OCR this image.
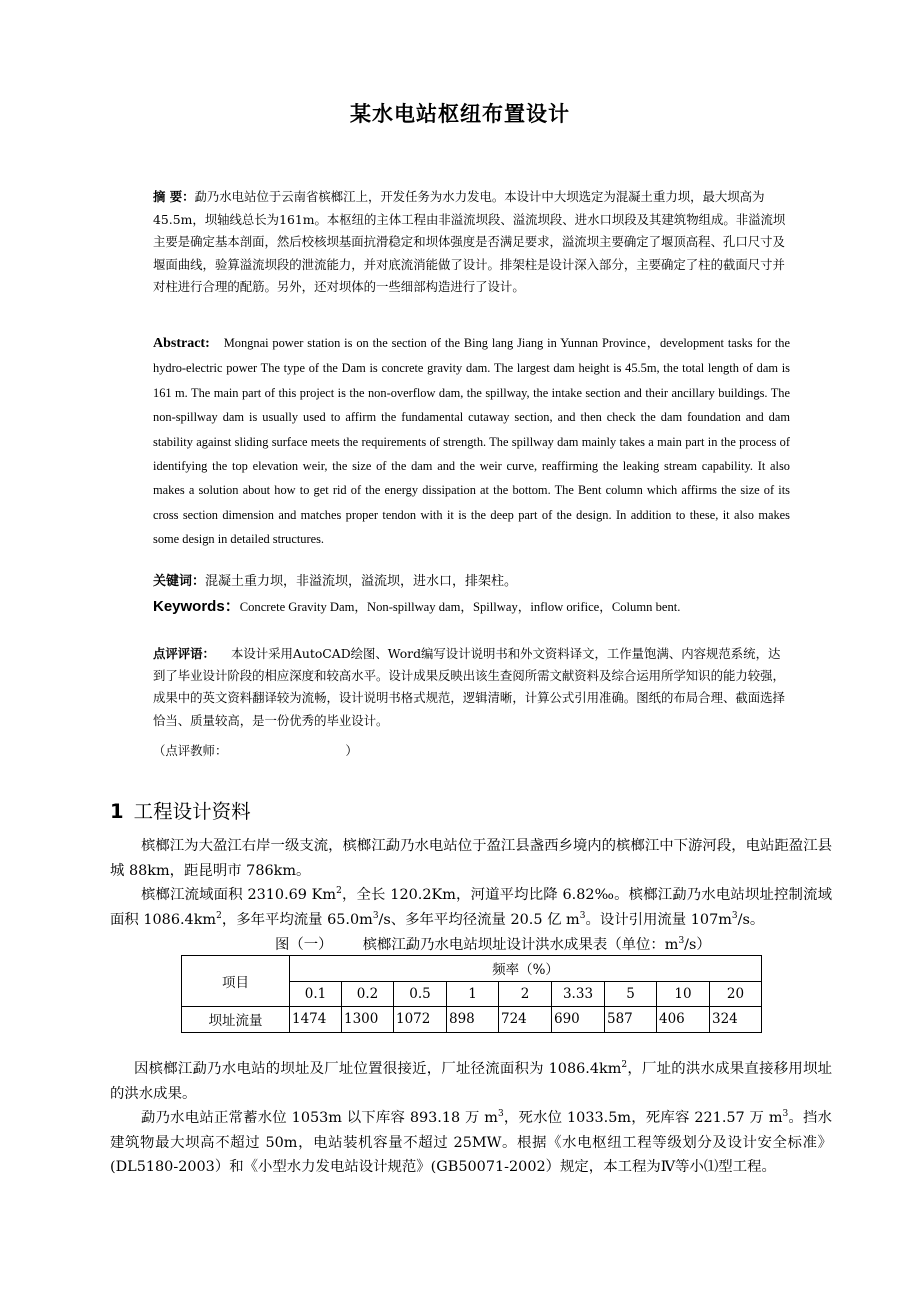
某水电站枢纽布置设计
摘 要：勐乃水电站位于云南省槟榔江上，开发任务为水力发电。本设计中大坝选定为混凝土重力坝，最大坝高为45.5m，坝轴线总长为161m。本枢纽的主体工程由非溢流坝段、溢流坝段、进水口坝段及其建筑物组成。非溢流坝主要是确定基本剖面，然后校核坝基面抗滑稳定和坝体强度是否满足要求，溢流坝主要确定了堰顶高程、孔口尺寸及堰面曲线，验算溢流坝段的泄流能力，并对底流消能做了设计。排架柱是设计深入部分，主要确定了柱的截面尺寸并对柱进行合理的配筋。另外，还对坝体的一些细部构造进行了设计。
Abstract: Mongnai power station is on the section of the Bing lang Jiang in Yunnan Province，development tasks for the hydro-electric power The type of the Dam is concrete gravity dam. The largest dam height is 45.5m, the total length of dam is 161 m. The main part of this project is the non-overflow dam, the spillway, the intake section and their ancillary buildings. The non-spillway dam is usually used to affirm the fundamental cutaway section, and then check the dam foundation and dam stability against sliding surface meets the requirements of strength. The spillway dam mainly takes a main part in the process of identifying the top elevation weir, the size of the dam and the weir curve, reaffirming the leaking stream capability. It also makes a solution about how to get rid of the energy dissipation at the bottom. The Bent column which affirms the size of its cross section dimension and matches proper tendon with it is the deep part of the design. In addition to these, it also makes some design in detailed structures.
关键词：混凝土重力坝，非溢流坝，溢流坝，进水口，排架柱。
Keywords：Concrete Gravity Dam，Non-spillway dam，Spillway，inflow orifice，Column bent.
点评评语： 本设计采用AutoCAD绘图、Word编写设计说明书和外文资料译文，工作量饱满、内容规范系统，达到了毕业设计阶段的相应深度和较高水平。设计成果反映出该生查阅所需文献资料及综合运用所学知识的能力较强，成果中的英文资料翻译较为流畅，设计说明书格式规范，逻辑清晰，计算公式引用准确。图纸的布局合理、截面选择恰当、质量较高，是一份优秀的毕业设计。
（点评教师：	）
1 工程设计资料
槟榔江为大盈江右岸一级支流，槟榔江勐乃水电站位于盈江县盏西乡境内的槟榔江中下游河段，电站距盈江县城 88km，距昆明市 786km。
槟榔江流域面积 2310.69 Km$^2$，全长 120.2Km，河道平均比降 6.82‰。槟榔江勐乃水电站坝址控制流域面积 $1086.4km^2$，多年平均流量 $65.0m^3/s$、多年平均径流量 20.5 亿 $m^3$。设计引用流量 $107m^3/s$。
图（一） 槟榔江勐乃水电站坝址设计洪水成果表（单位：$m^3/s$）
项目	频率（%）								
	0.1	0.2	0.5	1	2	3.33	5	10	20
坝址流量	1474	1300	1072	898	724	690	587	406	324
因槟榔江勐乃水电站的坝址及厂址位置很接近，厂址径流面积为 $1086.4km^2$，厂址的洪水成果直接移用坝址的洪水成果。
勐乃水电站正常蓄水位 1053m 以下库容 893.18 万 $m^3$，死水位 1033.5m，死库容 221.57 万 $m^3$。挡水建筑物最大坝高不超过 50m，电站装机容量不超过 25MW。根据《水电枢纽工程等级划分及设计安全标准》(DL5180-2003）和《小型水力发电站设计规范》(GB50071-2002）规定，本工程为Ⅳ等小⑴型工程。
